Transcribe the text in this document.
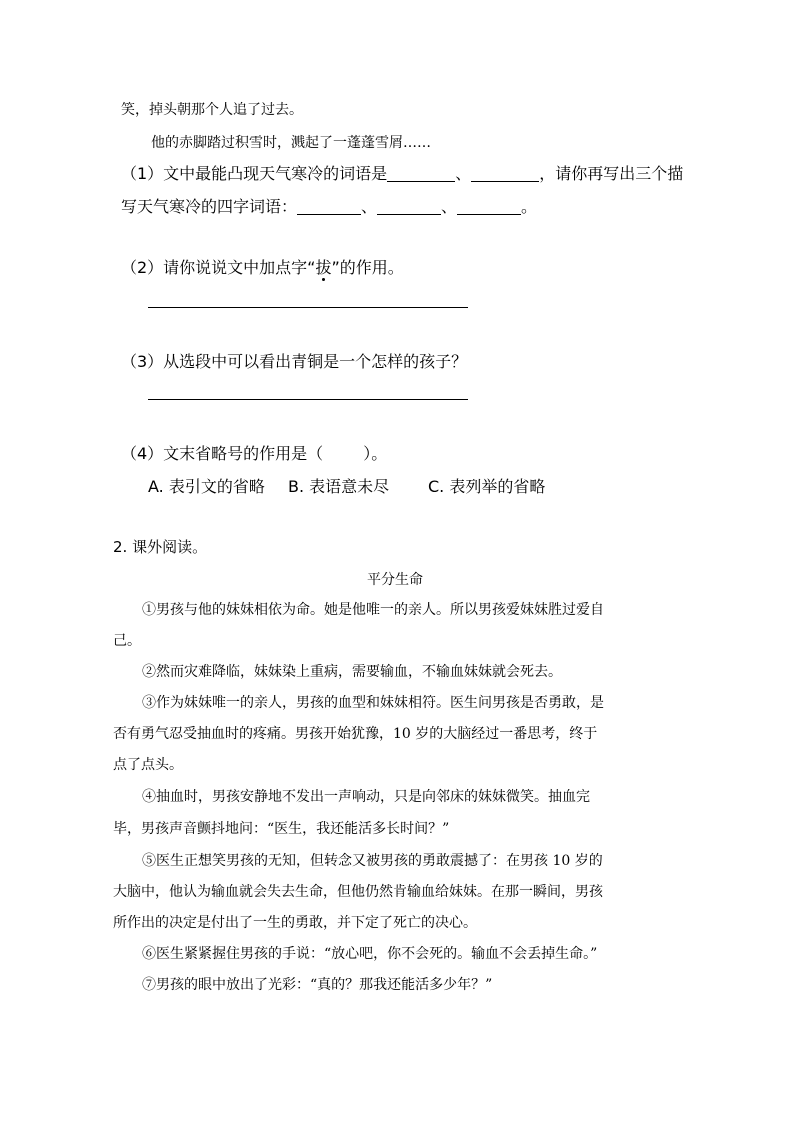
笑，掉头朝那个人追了过去。
他的赤脚踏过积雪时，溅起了一蓬蓬雪屑……
（1）文中最能凸现天气寒冷的词语是	、	，请你再写出三个描
写天气寒冷的四字词语：	、	、	。
（2）请你说说文中加点字“拔”的作用。
（3）从选段中可以看出青铜是一个怎样的孩子？
（4）文末省略号的作用是（	）。
A. 表引文的省略 B. 表语意未尽 C. 表列举的省略
2. 课外阅读。
平分生命
①男孩与他的妹妹相依为命。她是他唯一的亲人。所以男孩爱妹妹胜过爱自
己。
②然而灾难降临，妹妹染上重病，需要输血，不输血妹妹就会死去。
③作为妹妹唯一的亲人，男孩的血型和妹妹相符。医生问男孩是否勇敢，是
否有勇气忍受抽血时的疼痛。男孩开始犹豫，10 岁的大脑经过一番思考，终于
点了点头。
④抽血时，男孩安静地不发出一声响动，只是向邻床的妹妹微笑。抽血完
毕，男孩声音颤抖地问：“医生，我还能活多长时间？”
⑤医生正想笑男孩的无知，但转念又被男孩的勇敢震撼了：在男孩 10 岁的
大脑中，他认为输血就会失去生命，但他仍然肯输血给妹妹。在那一瞬间，男孩
所作出的决定是付出了一生的勇敢，并下定了死亡的决心。
⑥医生紧紧握住男孩的手说：“放心吧，你不会死的。输血不会丢掉生命。”
⑦男孩的眼中放出了光彩：“真的？那我还能活多少年？”
